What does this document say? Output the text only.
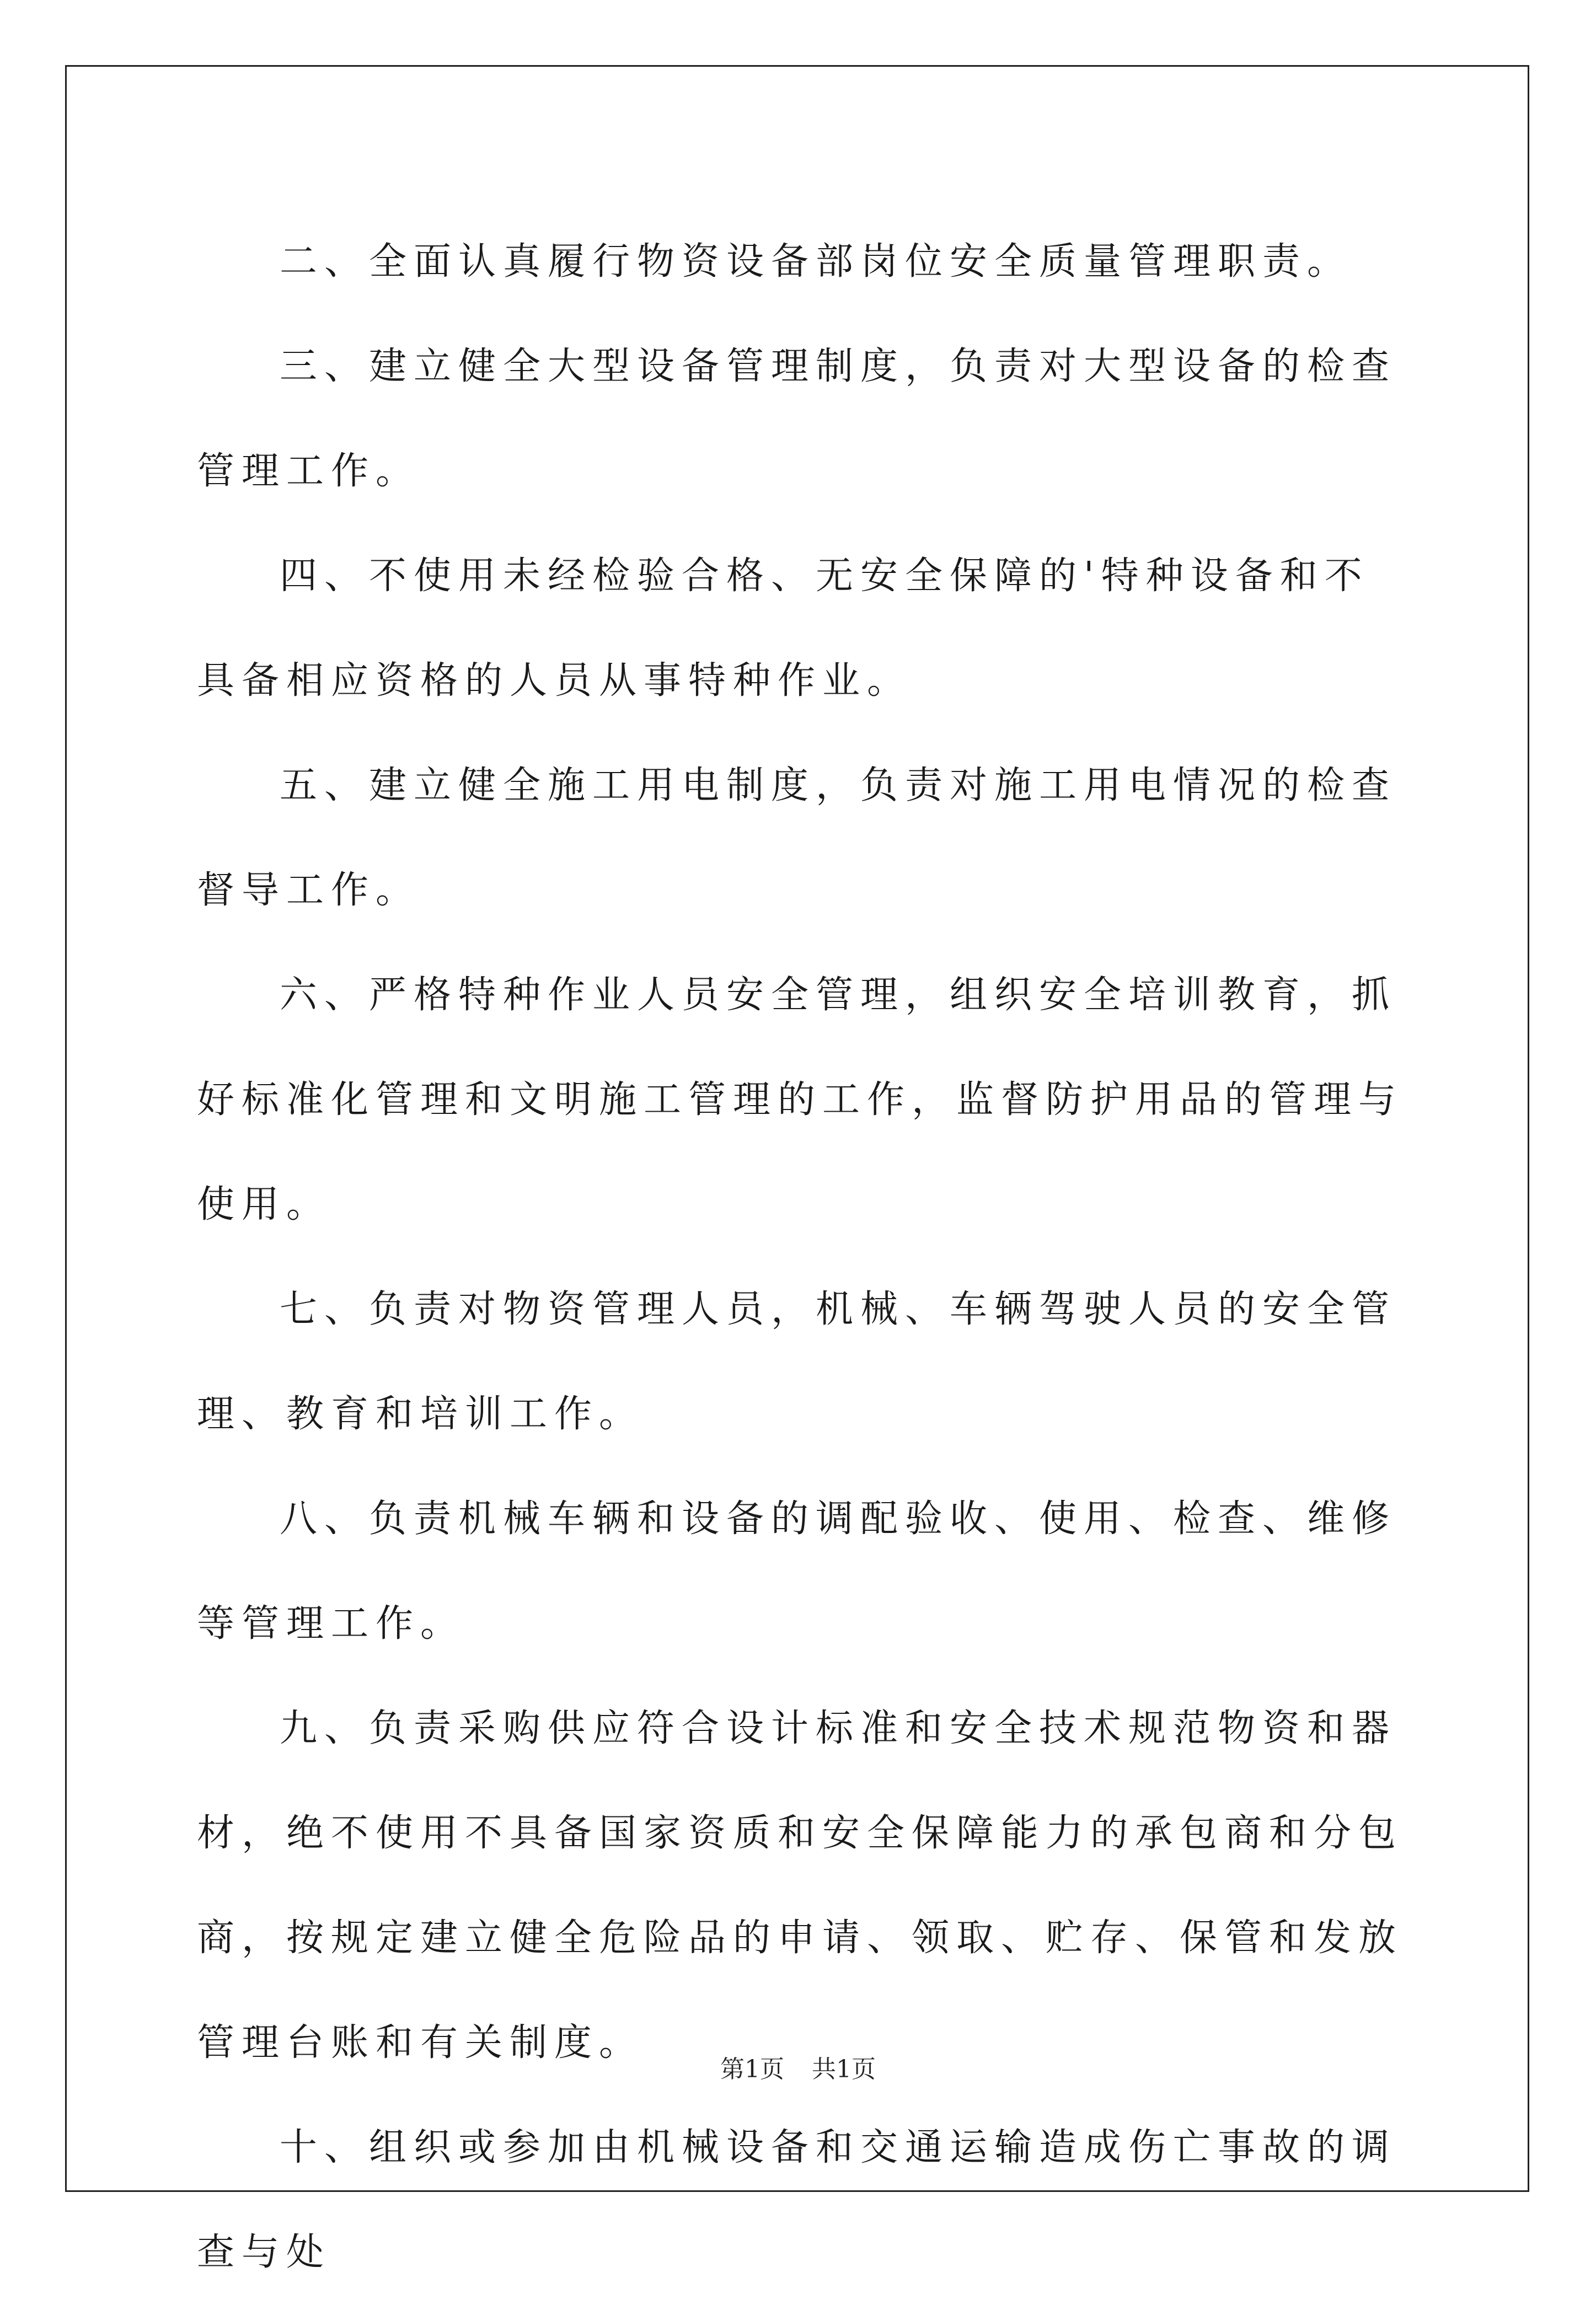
二、全面认真履行物资设备部岗位安全质量管理职责。

三、建立健全大型设备管理制度，负责对大型设备的检查管理工作。

四、不使用未经检验合格、无安全保障的'特种设备和不具备相应资格的人员从事特种作业。

五、建立健全施工用电制度，负责对施工用电情况的检查督导工作。

六、严格特种作业人员安全管理，组织安全培训教育，抓好标准化管理和文明施工管理的工作，监督防护用品的管理与使用。

七、负责对物资管理人员，机械、车辆驾驶人员的安全管理、教育和培训工作。

八、负责机械车辆和设备的调配验收、使用、检查、维修等管理工作。

九、负责采购供应符合设计标准和安全技术规范物资和器材，绝不使用不具备国家资质和安全保障能力的承包商和分包商，按规定建立健全危险品的申请、领取、贮存、保管和发放管理台账和有关制度。

十、组织或参加由机械设备和交通运输造成伤亡事故的调查与处

第1页 共1页
